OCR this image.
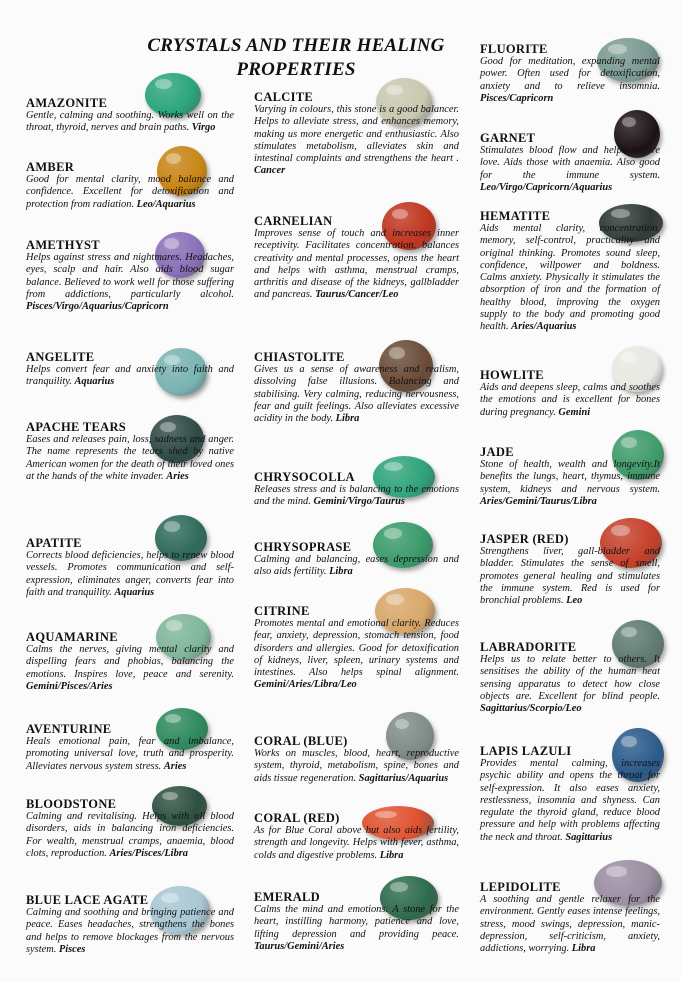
CRYSTALS AND THEIR HEALING PROPERTIES
AMAZONITE

Gentle, calming and soothing. Works well on the throat, thyroid, nerves and brain paths. Virgo

AMBER

Good for mental clarity, mood balance and confidence. Excellent for detoxification and protection from radiation. Leo/Aquarius

AMETHYST

Helps against stress and nightmares. Headaches, eyes, scalp and hair. Also aids blood sugar balance. Believed to work well for those suffering from addictions, particularly alcohol. Pisces/Virgo/Aquarius/Capricorn

ANGELITE

Helps convert fear and anxiety into faith and tranquility. Aquarius

APACHE TEARS

Eases and releases pain, loss, sadness and anger. The name represents the tears shed by native American women for the death of their loved ones at the hands of the white invader. Aries

APATITE

Corrects blood deficiencies, helps to renew blood vessels. Promotes communication and self-expression, eliminates anger, converts fear into faith and tranquility. Aquarius

AQUAMARINE

Calms the nerves, giving mental clarity and dispelling fears and phobias, balancing the emotions. Inspires love, peace and serenity. Gemini/Pisces/Aries

AVENTURINE

Heals emotional pain, fear and imbalance, promoting universal love, truth and prosperity. Alleviates nervous system stress. Aries

BLOODSTONE

Calming and revitalising. Helps with all blood disorders, aids in balancing iron deficiencies. For wealth, menstrual cramps, anaemia, blood clots, reproduction. Aries/Pisces/Libra

BLUE LACE AGATE

Calming and soothing and bringing patience and peace. Eases headaches, strengthens the bones and helps to remove blockages from the nervous system. Pisces

CALCITE

Varying in colours, this stone is a good balancer. Helps to alleviate stress, and enhances memory, making us more energetic and enthusiastic. Also stimulates metabolism, alleviates skin and intestinal complaints and strengthens the heart . Cancer

CARNELIAN

Improves sense of touch and increases inner receptivity. Facilitates concentration, balances creativity and mental processes, opens the heart and helps with asthma, menstrual cramps, arthritis and disease of the kidneys, gallbladder and pancreas. Taurus/Cancer/Leo

CHIASTOLITE

Gives us a sense of awareness and realism, dissolving false illusions. Balancing and stabilising. Very calming, reducing nervousness, fear and guilt feelings. Also alleviates excessive acidity in the body. Libra

CHRYSOCOLLA

Releases stress and is balancing to the emotions and the mind. Gemini/Virgo/Taurus

CHRYSOPRASE

Calming and balancing, eases depression and also aids fertility. Libra

CITRINE

Promotes mental and emotional clarity. Reduces fear, anxiety, depression, stomach tension, food disorders and allergies. Good for detoxification of kidneys, liver, spleen, urinary systems and intestines. Also helps spinal alignment. Gemini/Aries/Libra/Leo

CORAL (BLUE)

Works on muscles, blood, heart, reproductive system, thyroid, metabolism, spine, bones and aids tissue regeneration. Sagittarius/Aquarius

CORAL (RED)

As for Blue Coral above but also aids fertility, strength and longevity. Helps with fever, asthma, colds and digestive problems. Libra

EMERALD

Calms the mind and emotions. A stone for the heart, instilling harmony, patience and love, lifting depression and providing peace. Taurus/Gemini/Aries

FLUORITE

Good for meditation, expanding mental power. Often used for detoxification, anxiety and to relieve insomnia. Pisces/Capricorn

GARNET

Stimulates blood flow and helps inspire love. Aids those with anaemia. Also good for the immune system. Leo/Virgo/Capricorn/Aquarius

HEMATITE

Aids mental clarity, concentration, memory, self-control, practicality and original thinking. Promotes sound sleep, confidence, willpower and boldness. Calms anxiety. Physically it stimulates the absorption of iron and the formation of healthy blood, improving the oxygen supply to the body and promoting good health. Aries/Aquarius

HOWLITE

Aids and deepens sleep, calms and soothes the emotions and is excellent for bones during pregnancy. Gemini

JADE

Stone of health, wealth and longevity.It benefits the lungs, heart, thymus, immune system, kidneys and nervous system. Aries/Gemini/Taurus/Libra

JASPER (RED)

Strengthens liver, gall-bladder and bladder. Stimulates the sense of smell, promotes general healing and stimulates the immune system. Red is used for bronchial problems. Leo

LABRADORITE

Helps us to relate better to others. It sensitises the ability of the human heat sensing apparatus to detect how close objects are. Excellent for blind people. Sagittarius/Scorpio/Leo

LAPIS LAZULI

Provides mental calming, increases psychic ability and opens the throat for self-expression. It also eases anxiety, restlessness, insomnia and shyness. Can regulate the thyroid gland, reduce blood pressure and help with problems affecting the neck and throat. Sagittarius

LEPIDOLITE

A soothing and gentle relaxer for the environment. Gently eases intense feelings, stress, mood swings, depression, manic-depression, self-criticism, anxiety, addictions, worrying. Libra
